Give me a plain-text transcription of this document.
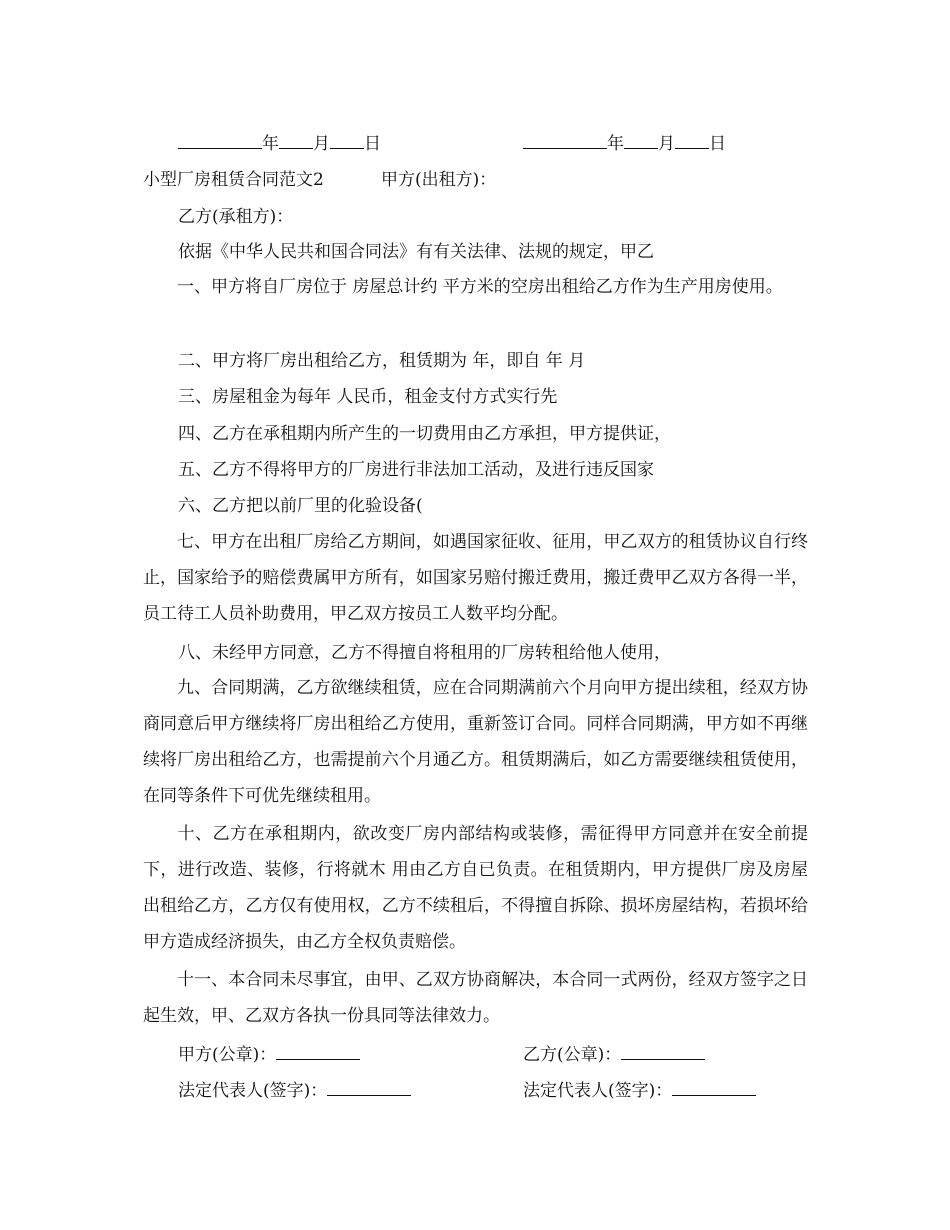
年 月 日	年 月 日
小型厂房租赁合同范文2	甲方(出租方)：
乙方(承租方)：
依据《中华人民共和国合同法》有有关法律、法规的规定，甲乙
一、甲方将自厂房位于 房屋总计约 平方米的空房出租给乙方作为生产用房使用。
二、甲方将厂房出租给乙方，租赁期为 年，即自 年 月
三、房屋租金为每年 人民币，租金支付方式实行先
四、乙方在承租期内所产生的一切费用由乙方承担，甲方提供证，
五、乙方不得将甲方的厂房进行非法加工活动，及进行违反国家
六、乙方把以前厂里的化验设备(
七、甲方在出租厂房给乙方期间，如遇国家征收、征用，甲乙双方的租赁协议自行终止，国家给予的赔偿费属甲方所有，如国家另赔付搬迁费用，搬迁费甲乙双方各得一半，员工待工人员补助费用，甲乙双方按员工人数平均分配。
八、未经甲方同意，乙方不得擅自将租用的厂房转租给他人使用，
九、合同期满，乙方欲继续租赁，应在合同期满前六个月向甲方提出续租，经双方协商同意后甲方继续将厂房出租给乙方使用，重新签订合同。同样合同期满，甲方如不再继续将厂房出租给乙方，也需提前六个月通乙方。租赁期满后，如乙方需要继续租赁使用，在同等条件下可优先继续租用。
十、乙方在承租期内，欲改变厂房内部结构或装修，需征得甲方同意并在安全前提下，进行改造、装修，行将就木 用由乙方自已负责。在租赁期内，甲方提供厂房及房屋出租给乙方，乙方仅有使用权，乙方不续租后，不得擅自拆除、损坏房屋结构，若损坏给甲方造成经济损失，由乙方全权负责赔偿。
十一、本合同未尽事宜，由甲、乙双方协商解决，本合同一式两份，经双方签字之日起生效，甲、乙双方各执一份具同等法律效力。
甲方(公章)：	乙方(公章)：
法定代表人(签字)：	法定代表人(签字)：
